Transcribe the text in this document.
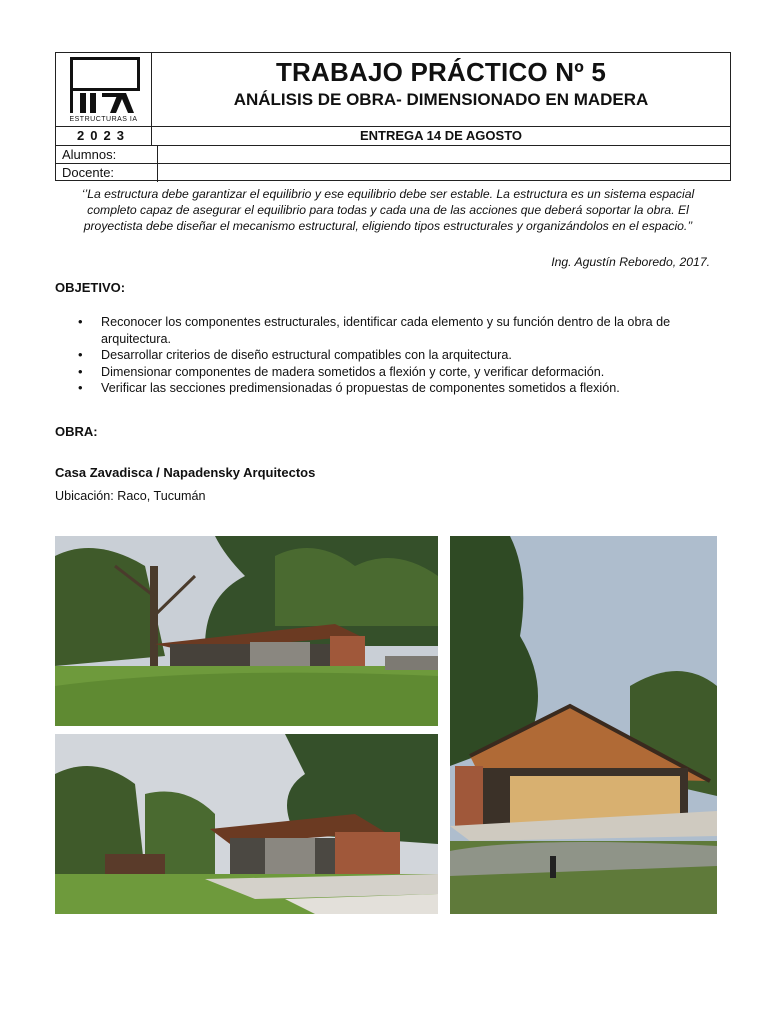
ESTRUCTURAS IA
TRABAJO PRÁCTICO Nº 5
ANÁLISIS DE OBRA- DIMENSIONADO EN MADERA
2023	ENTREGA 14 DE AGOSTO
Alumnos:
Docente:
‘’La estructura debe garantizar el equilibrio y ese equilibrio debe ser estable. La estructura es un sistema espacial completo capaz de asegurar el equilibrio para todas y cada una de las acciones que deberá soportar la obra. El proyectista debe diseñar el mecanismo estructural, eligiendo tipos estructurales y organizándolos en el espacio.’’
Ing. Agustín Reboredo, 2017.
OBJETIVO:
• Reconocer los componentes estructurales, identificar cada elemento y su función dentro de la obra de arquitectura.
• Desarrollar criterios de diseño estructural compatibles con la arquitectura.
• Dimensionar componentes de madera sometidos a flexión y corte, y verificar deformación.
• Verificar las secciones predimensionadas ó propuestas de componentes sometidos a flexión.
OBRA:
Casa Zavadisca / Napadensky Arquitectos
Ubicación: Raco, Tucumán
